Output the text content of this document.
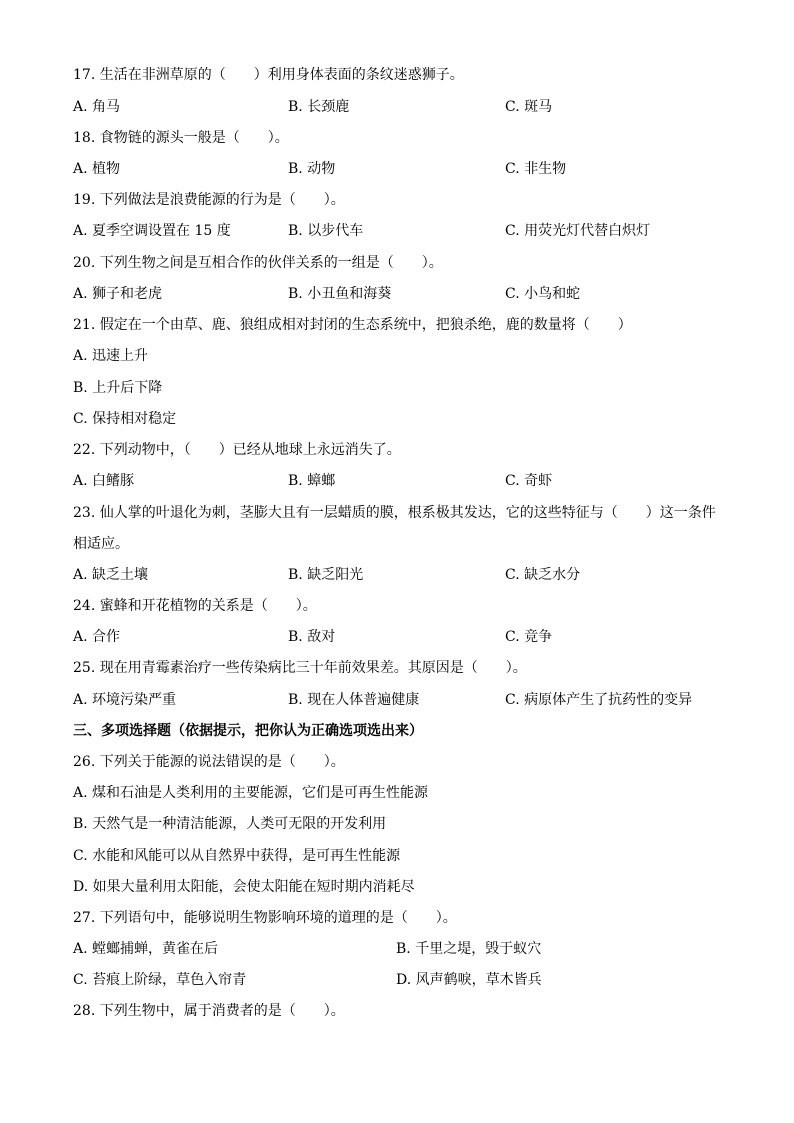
17. 生活在非洲草原的（　　）利用身体表面的条纹迷惑狮子。
A. 角马	B. 长颈鹿	C. 斑马
18. 食物链的源头一般是（　　）。
A. 植物	B. 动物	C. 非生物
19. 下列做法是浪费能源的行为是（　　）。
A. 夏季空调设置在 15 度	B. 以步代车	C. 用荧光灯代替白炽灯
20. 下列生物之间是互相合作的伙伴关系的一组是（　　）。
A. 狮子和老虎	B. 小丑鱼和海葵	C. 小鸟和蛇
21. 假定在一个由草、鹿、狼组成相对封闭的生态系统中，把狼杀绝，鹿的数量将（　　）
A. 迅速上升
B. 上升后下降
C. 保持相对稳定
22. 下列动物中，（　　）已经从地球上永远消失了。
A. 白鳍豚	B. 蟑螂	C. 奇虾
23. 仙人掌的叶退化为刺，茎膨大且有一层蜡质的膜，根系极其发达，它的这些特征与（　　）这一条件
相适应。
A. 缺乏土壤	B. 缺乏阳光	C. 缺乏水分
24. 蜜蜂和开花植物的关系是（　　）。
A. 合作	B. 敌对	C. 竞争
25. 现在用青霉素治疗一些传染病比三十年前效果差。其原因是（　　）。
A. 环境污染严重	B. 现在人体普遍健康	C. 病原体产生了抗药性的变异
三、多项选择题（依据提示，把你认为正确选项选出来）
26. 下列关于能源的说法错误的是（　　）。
A. 煤和石油是人类利用的主要能源，它们是可再生性能源
B. 天然气是一种清洁能源，人类可无限的开发利用
C. 水能和风能可以从自然界中获得，是可再生性能源
D. 如果大量利用太阳能，会使太阳能在短时期内消耗尽
27. 下列语句中，能够说明生物影响环境的道理的是（　　）。
A. 螳螂捕蝉，黄雀在后	B. 千里之堤，毁于蚁穴
C. 苔痕上阶绿，草色入帘青	D. 风声鹤唳，草木皆兵
28. 下列生物中，属于消费者的是（　　）。
